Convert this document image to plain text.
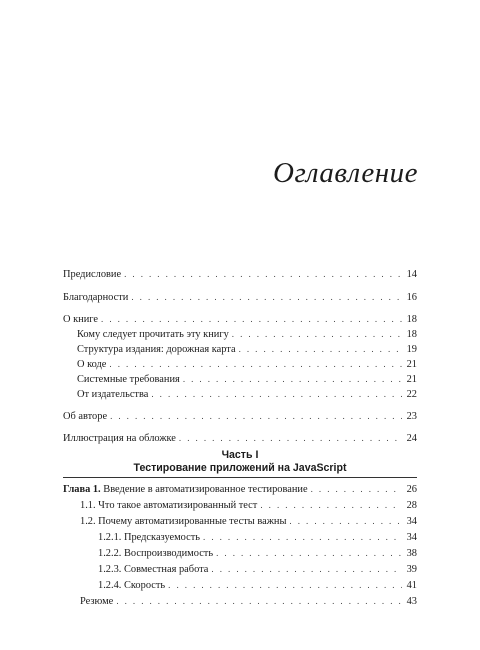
Оглавление
Предисловие . . .	14
Благодарности . . .	16
О книге . . .	18
Кому следует прочитать эту книгу . . .	18
Структура издания: дорожная карта . . .	19
О коде . . .	21
Системные требования . . .	21
От издательства . . .	22
Об авторе . . .	23
Иллюстрация на обложке . . .	24
Часть I
Тестирование приложений на JavaScript
Глава 1. Введение в автоматизированное тестирование . . .	26
1.1. Что такое автоматизированный тест . . .	28
1.2. Почему автоматизированные тесты важны . . .	34
1.2.1. Предсказуемость . . .	34
1.2.2. Воспроизводимость . . .	38
1.2.3. Совместная работа . . .	39
1.2.4. Скорость . . .	41
Резюме . . .	43
